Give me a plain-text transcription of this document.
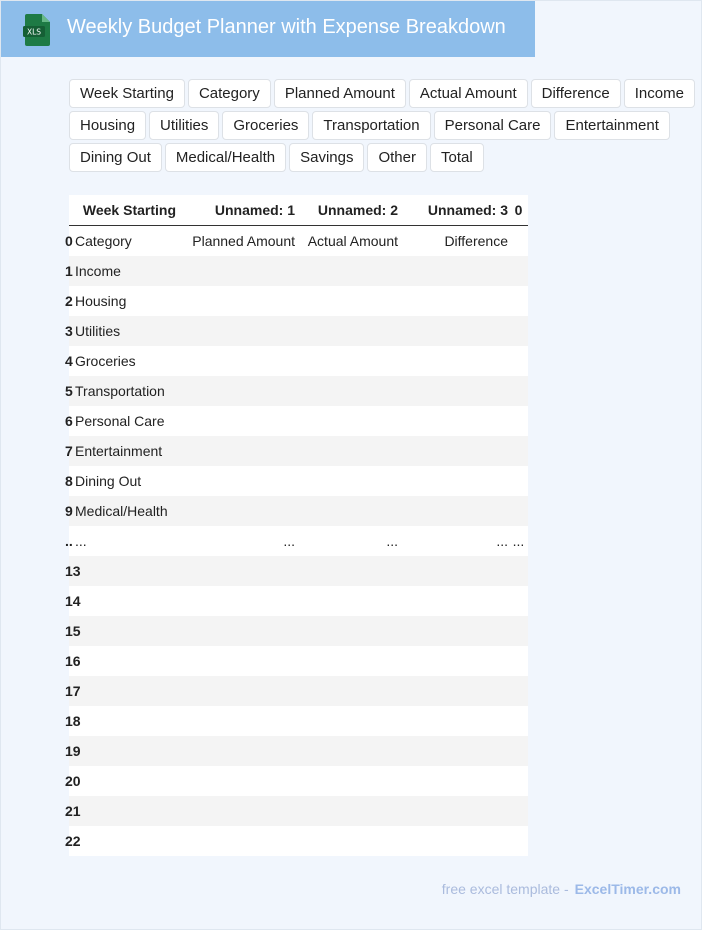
XLS Weekly Budget Planner with Expense Breakdown
Week Starting	Category	Planned Amount	Actual Amount	Difference	Income
Housing	Utilities	Groceries	Transportation	Personal Care	Entertainment
Dining Out	Medical/Health	Savings	Other	Total
	Week Starting	Unnamed: 1	Unnamed: 2	Unnamed: 3	0
0	Category	Planned Amount	Actual Amount	Difference	
1	Income				
2	Housing				
3	Utilities				
4	Groceries				
5	Transportation				
6	Personal Care				
7	Entertainment				
8	Dining Out				
9	Medical/Health				
..	...	...	...	...	...
13					
14					
15					
16					
17					
18					
19					
20					
21					
22					
free excel template - ExcelTimer.com
